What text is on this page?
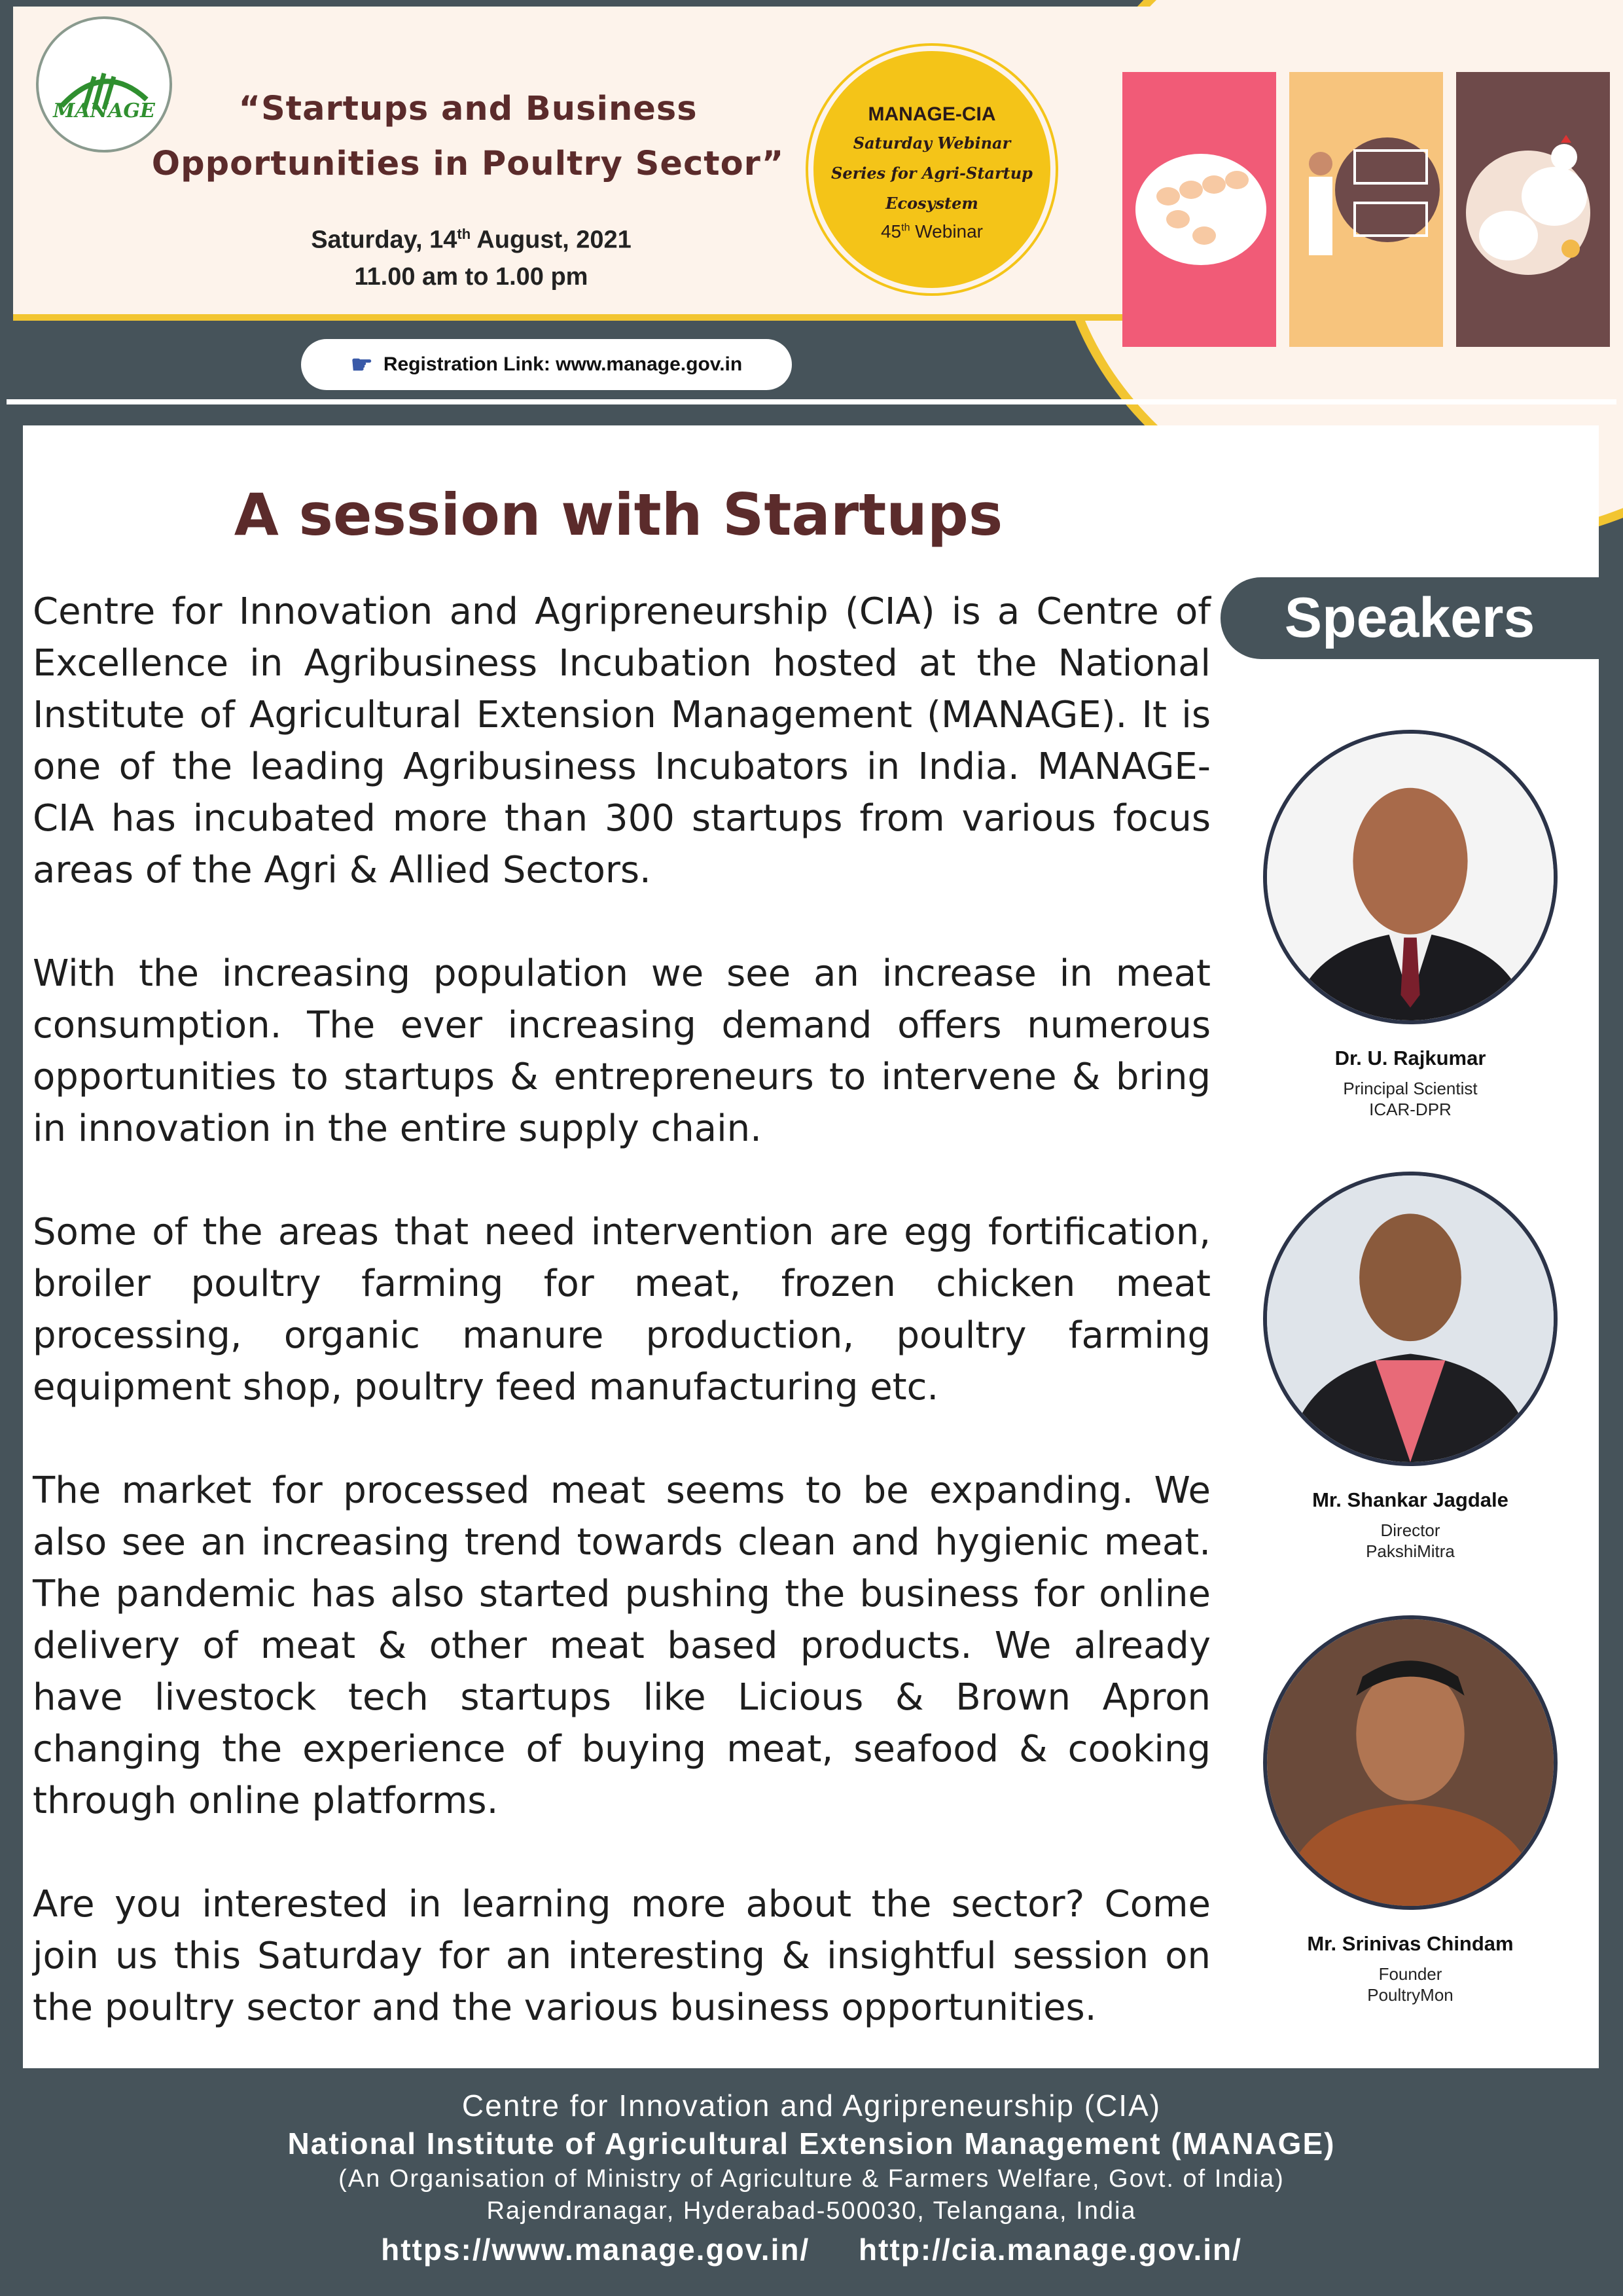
MANAGE	“Startups and Business
Opportunities in Poultry Sector”
Saturday, 14th August, 2021
11.00 am to 1.00 pm
MANAGE-CIA
Saturday Webinar
Series for Agri-Startup
Ecosystem
45th Webinar
☛ Registration Link: www.manage.gov.in
A session with Startups

Centre for Innovation and Agripreneurship (CIA) is a Centre of Excellence in Agribusiness Incubation hosted at the National Institute of Agricultural Extension Management (MANAGE). It is one of the leading Agribusiness Incubators in India. MANAGE-CIA has incubated more than 300 startups from various focus areas of the Agri & Allied Sectors.

With the increasing population we see an increase in meat consumption. The ever increasing demand offers numerous opportunities to startups & entrepreneurs to intervene & bring in innovation in the entire supply chain.

Some of the areas that need intervention are egg fortification, broiler poultry farming for meat, frozen chicken meat processing, organic manure production, poultry farming equipment shop, poultry feed manufacturing etc.

The market for processed meat seems to be expanding. We also see an increasing trend towards clean and hygienic meat. The pandemic has also started pushing the business for online delivery of meat & other meat based products. We already have livestock tech startups like Licious & Brown Apron changing the experience of buying meat, seafood & cooking through online platforms.

Are you interested in learning more about the sector? Come join us this Saturday for an interesting & insightful session on the poultry sector and the various business opportunities.

Speakers
Dr. U. Rajkumar
Principal Scientist
ICAR-DPR
Mr. Shankar Jagdale
Director
PakshiMitra
Mr. Srinivas Chindam
Founder
PoultryMon
Centre for Innovation and Agripreneurship (CIA)
National Institute of Agricultural Extension Management (MANAGE)
(An Organisation of Ministry of Agriculture & Farmers Welfare, Govt. of India)
Rajendranagar, Hyderabad-500030, Telangana, India
https://www.manage.gov.in/ http://cia.manage.gov.in/
